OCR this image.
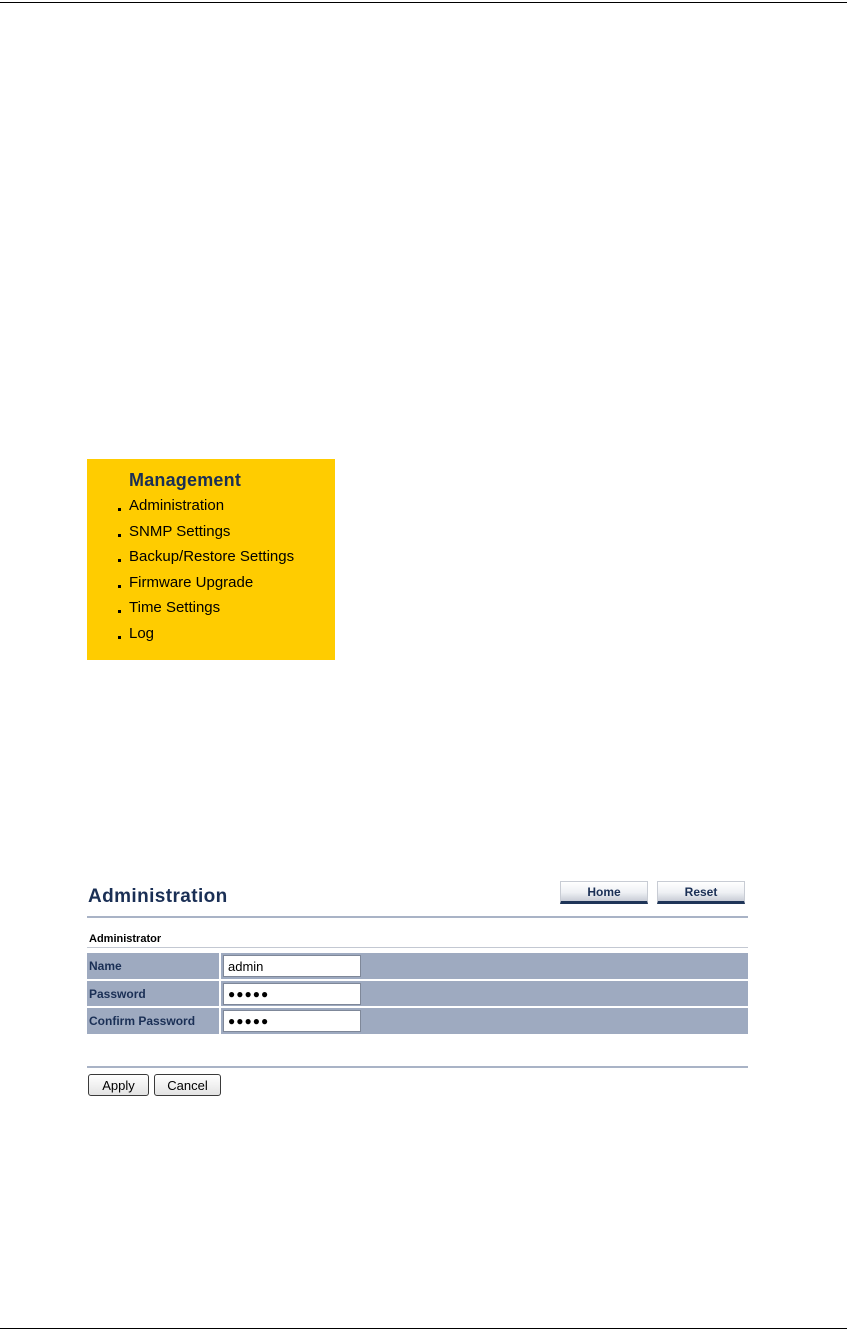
Management
Administration
SNMP Settings
Backup/Restore Settings
Firmware Upgrade
Time Settings
Log
Administration	Home	Reset
Administrator
Name	admin
Password	●●●●●
Confirm Password	●●●●●
Apply	Cancel
